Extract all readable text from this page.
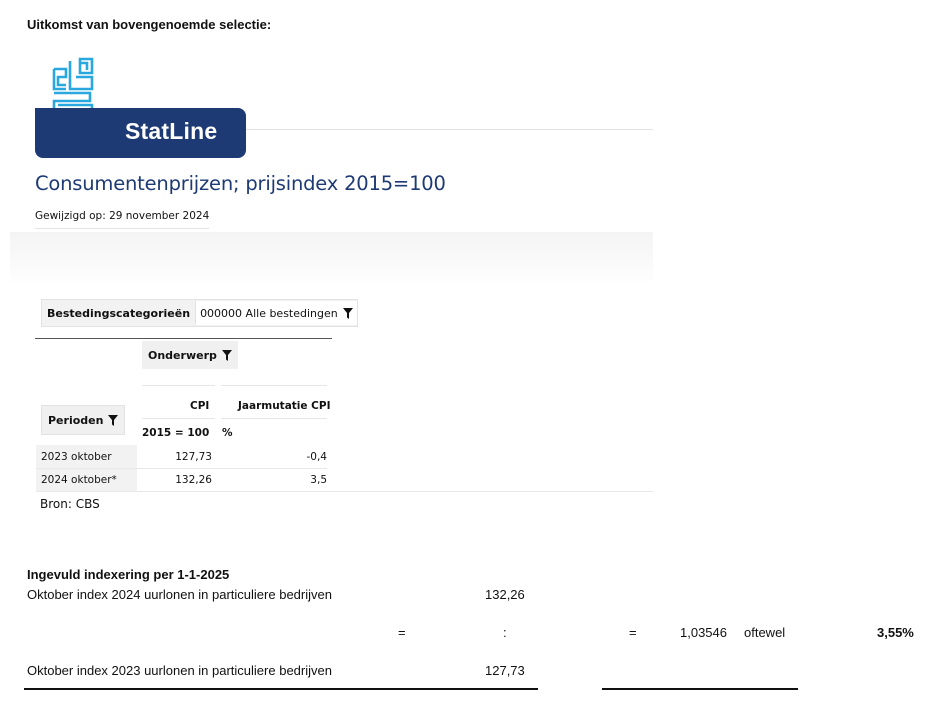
Uitkomst van bovengenoemde selectie:
StatLine
Consumentenprijzen; prijsindex 2015=100
Gewijzigd op: 29 november 2024
Bestedingscategorieën 000000 Alle bestedingen
Onderwerp
CPI	Jaarmutatie CPI
Perioden
2015 = 100 %
2023 oktober	127,73	-0,4
2024 oktober*	132,26	3,5
Bron: CBS
Ingevuld indexering per 1-1-2025
Oktober index 2024 uurlonen in particuliere bedrijven	132,26
=	:	=	1,03546 oftewel	3,55%
Oktober index 2023 uurlonen in particuliere bedrijven	127,73
